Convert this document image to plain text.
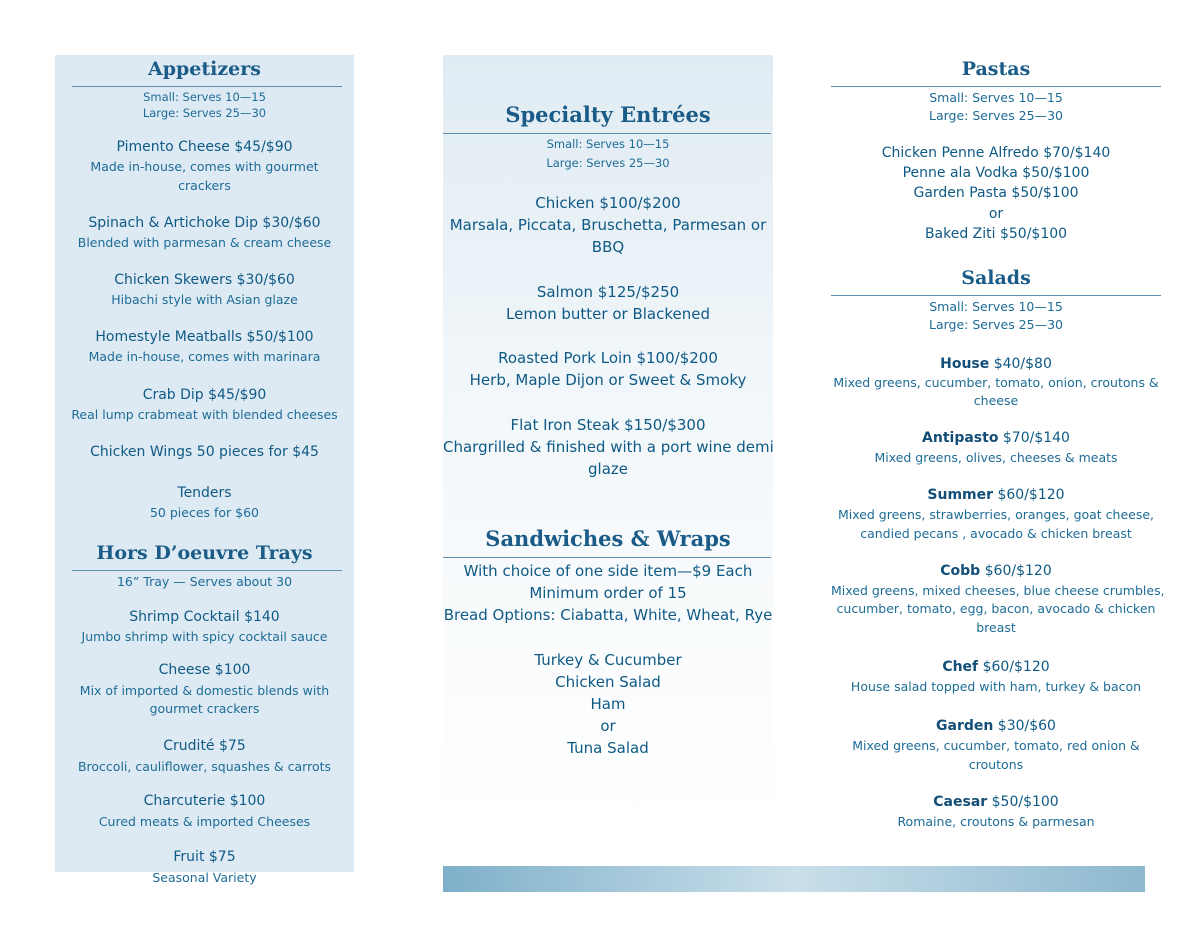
Appetizers
Small: Serves 10—15
Large: Serves 25—30
Pimento Cheese $45/$90
Made in-house, comes with gourmet
crackers
Spinach & Artichoke Dip $30/$60
Blended with parmesan & cream cheese
Chicken Skewers $30/$60
Hibachi style with Asian glaze
Homestyle Meatballs $50/$100
Made in-house, comes with marinara
Crab Dip $45/$90
Real lump crabmeat with blended cheeses
Chicken Wings 50 pieces for $45
Tenders
50 pieces for $60
Hors D’oeuvre Trays
16” Tray — Serves about 30
Shrimp Cocktail $140
Jumbo shrimp with spicy cocktail sauce
Cheese $100
Mix of imported & domestic blends with
gourmet crackers
Crudité $75
Broccoli, cauliflower, squashes & carrots
Charcuterie $100
Cured meats & imported Cheeses
Fruit $75
Seasonal Variety
Specialty Entrées
Small: Serves 10—15
Large: Serves 25—30
Chicken $100/$200
Marsala, Piccata, Bruschetta, Parmesan or
BBQ
Salmon $125/$250
Lemon butter or Blackened
Roasted Pork Loin $100/$200
Herb, Maple Dijon or Sweet & Smoky
Flat Iron Steak $150/$300
Chargrilled & finished with a port wine demi
glaze
Sandwiches & Wraps
With choice of one side item—$9 Each
Minimum order of 15
Bread Options: Ciabatta, White, Wheat, Rye
Turkey & Cucumber
Chicken Salad
Ham
or
Tuna Salad
Pastas
Small: Serves 10—15
Large: Serves 25—30
Chicken Penne Alfredo $70/$140
Penne ala Vodka $50/$100
Garden Pasta $50/$100
or
Baked Ziti $50/$100
Salads
Small: Serves 10—15
Large: Serves 25—30
House $40/$80
Mixed greens, cucumber, tomato, onion, croutons &
cheese
Antipasto $70/$140
Mixed greens, olives, cheeses & meats
Summer $60/$120
Mixed greens, strawberries, oranges, goat cheese,
candied pecans , avocado & chicken breast
Cobb $60/$120
Mixed greens, mixed cheeses, blue cheese crumbles,
cucumber, tomato, egg, bacon, avocado & chicken
breast
Chef $60/$120
House salad topped with ham, turkey & bacon
Garden $30/$60
Mixed greens, cucumber, tomato, red onion &
croutons
Caesar $50/$100
Romaine, croutons & parmesan
